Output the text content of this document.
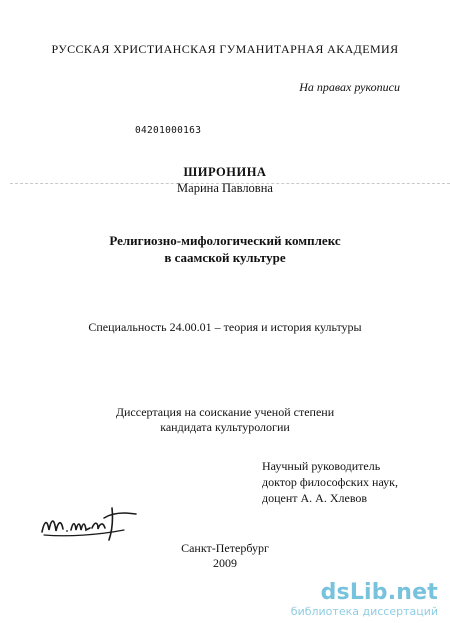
РУССКАЯ ХРИСТИАНСКАЯ ГУМАНИТАРНАЯ АКАДЕМИЯ
На правах рукописи
04201000163
ШИРОНИНА
Марина Павловна
Религиозно-мифологический комплекс
в саамской культуре
Специальность 24.00.01 – теория и история культуры
Диссертация на соискание ученой степени
кандидата культурологии
Научный руководитель
доктор философских наук,
доцент А. А. Хлевов
Санкт-Петербург
2009
dsLib.net
библиотека диссертаций
